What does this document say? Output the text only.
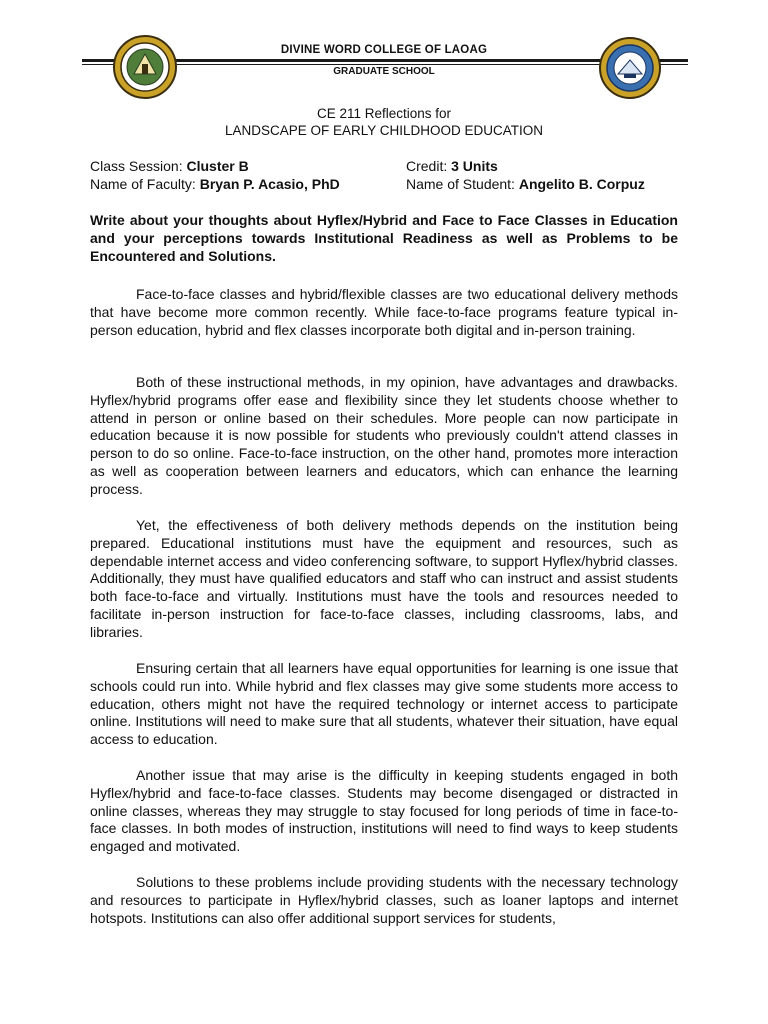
DIVINE WORD COLLEGE OF LAOAG
GRADUATE SCHOOL
CE 211 Reflections for
LANDSCAPE OF EARLY CHILDHOOD EDUCATION
Class Session: Cluster B	Credit: 3 Units
Name of Faculty: Bryan P. Acasio, PhD	Name of Student: Angelito B. Corpuz
Write about your thoughts about Hyflex/Hybrid and Face to Face Classes in Education and your perceptions towards Institutional Readiness as well as Problems to be Encountered and Solutions.

Face-to-face classes and hybrid/flexible classes are two educational delivery methods that have become more common recently. While face-to-face programs feature typical in-person education, hybrid and flex classes incorporate both digital and in-person training.

Both of these instructional methods, in my opinion, have advantages and drawbacks. Hyflex/hybrid programs offer ease and flexibility since they let students choose whether to attend in person or online based on their schedules. More people can now participate in education because it is now possible for students who previously couldn't attend classes in person to do so online. Face-to-face instruction, on the other hand, promotes more interaction as well as cooperation between learners and educators, which can enhance the learning process.

Yet, the effectiveness of both delivery methods depends on the institution being prepared. Educational institutions must have the equipment and resources, such as dependable internet access and video conferencing software, to support Hyflex/hybrid classes. Additionally, they must have qualified educators and staff who can instruct and assist students both face-to-face and virtually. Institutions must have the tools and resources needed to facilitate in-person instruction for face-to-face classes, including classrooms, labs, and libraries.

Ensuring certain that all learners have equal opportunities for learning is one issue that schools could run into. While hybrid and flex classes may give some students more access to education, others might not have the required technology or internet access to participate online. Institutions will need to make sure that all students, whatever their situation, have equal access to education.

Another issue that may arise is the difficulty in keeping students engaged in both Hyflex/hybrid and face-to-face classes. Students may become disengaged or distracted in online classes, whereas they may struggle to stay focused for long periods of time in face-to-face classes. In both modes of instruction, institutions will need to find ways to keep students engaged and motivated.

Solutions to these problems include providing students with the necessary technology and resources to participate in Hyflex/hybrid classes, such as loaner laptops and internet hotspots. Institutions can also offer additional support services for students,
